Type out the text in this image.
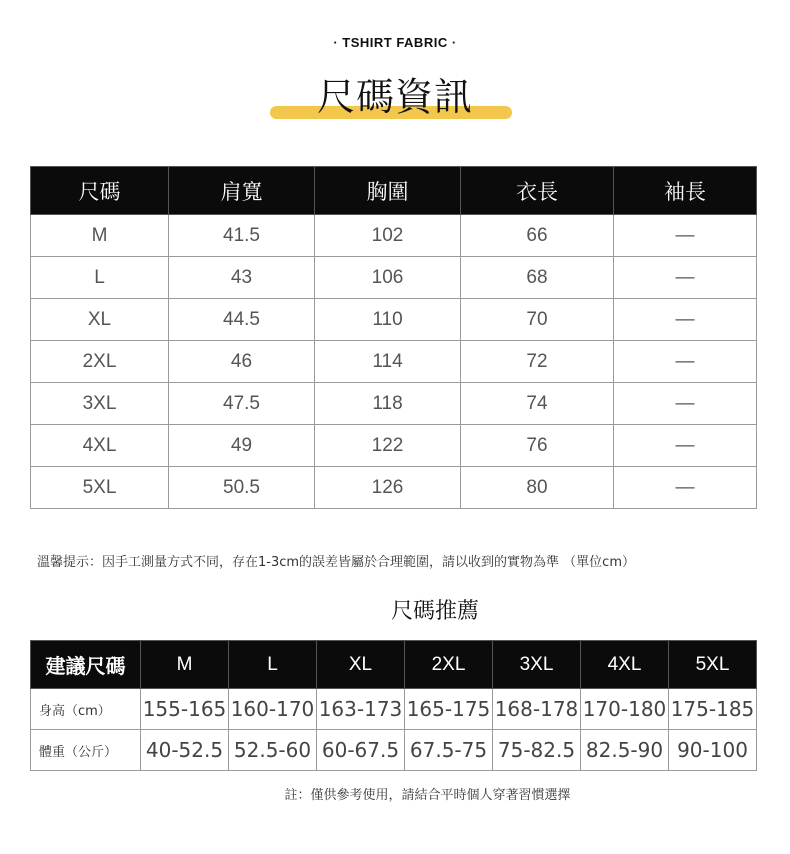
· TSHIRT FABRIC ·
尺碼資訊
尺碼	肩寬	胸圍	衣長	袖長
M	41.5	102	66	—
L	43	106	68	—
XL	44.5	110	70	—
2XL	46	114	72	—
3XL	47.5	118	74	—
4XL	49	122	76	—
5XL	50.5	126	80	—
溫馨提示：因手工測量方式不同，存在1-3cm的誤差皆屬於合理範圍，請以收到的實物為準 （單位cm）
尺碼推薦
建議尺碼	M	L	XL	2XL	3XL	4XL	5XL
身高（cm）	155-165	160-170	163-173	165-175	168-178	170-180	175-185
體重（公斤）	40-52.5	52.5-60	60-67.5	67.5-75	75-82.5	82.5-90	90-100
註：僅供參考使用，請結合平時個人穿著習慣選擇
